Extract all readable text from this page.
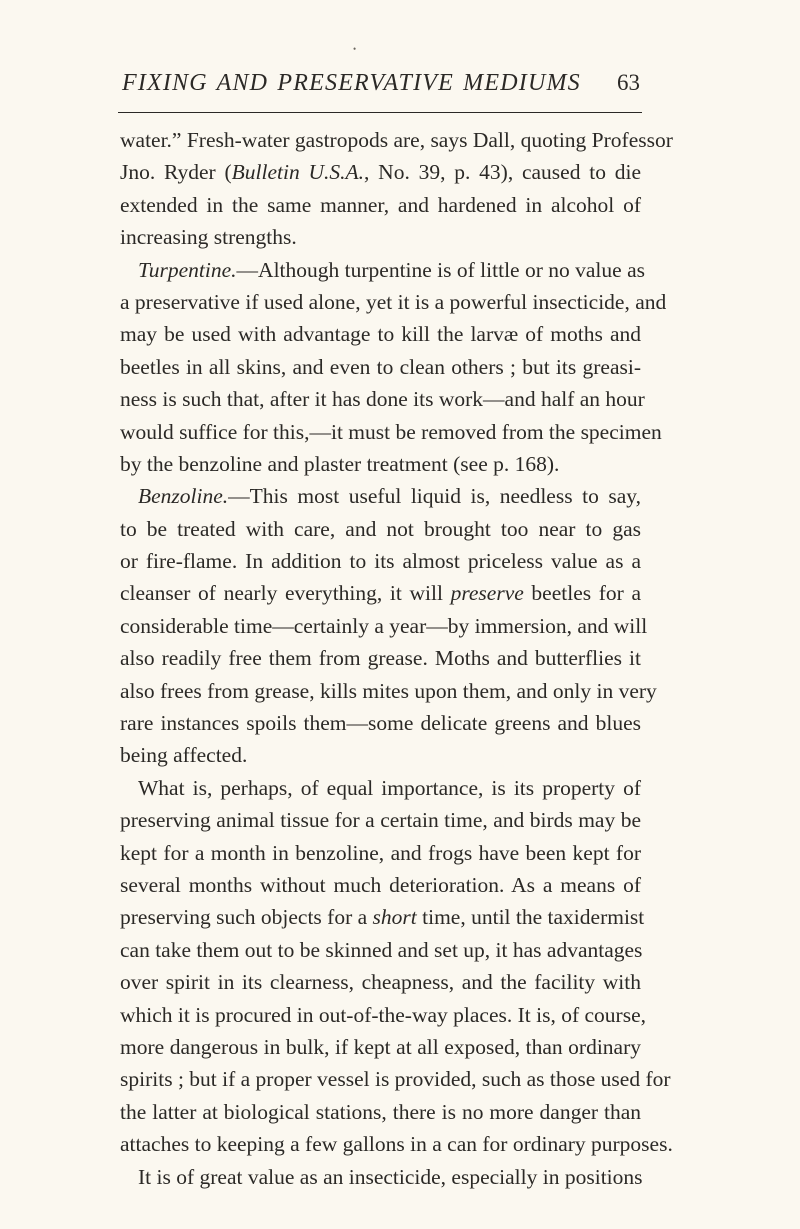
•
FIXING AND PRESERVATIVE MEDIUMS 63
water.” Fresh-water gastropods are, says Dall, quoting Professor
Jno. Ryder (Bulletin U.S.A., No. 39, p. 43), caused to die
extended in the same manner, and hardened in alcohol of
increasing strengths.
Turpentine.—Although turpentine is of little or no value as
a preservative if used alone, yet it is a powerful insecticide, and
may be used with advantage to kill the larvæ of moths and
beetles in all skins, and even to clean others ; but its greasi-
ness is such that, after it has done its work—and half an hour
would suffice for this,—it must be removed from the specimen
by the benzoline and plaster treatment (see p. 168).
Benzoline.—This most useful liquid is, needless to say,
to be treated with care, and not brought too near to gas
or fire-flame. In addition to its almost priceless value as a
cleanser of nearly everything, it will preserve beetles for a
considerable time—certainly a year—by immersion, and will
also readily free them from grease. Moths and butterflies it
also frees from grease, kills mites upon them, and only in very
rare instances spoils them—some delicate greens and blues
being affected.
What is, perhaps, of equal importance, is its property of
preserving animal tissue for a certain time, and birds may be
kept for a month in benzoline, and frogs have been kept for
several months without much deterioration. As a means of
preserving such objects for a short time, until the taxidermist
can take them out to be skinned and set up, it has advantages
over spirit in its clearness, cheapness, and the facility with
which it is procured in out-of-the-way places. It is, of course,
more dangerous in bulk, if kept at all exposed, than ordinary
spirits ; but if a proper vessel is provided, such as those used for
the latter at biological stations, there is no more danger than
attaches to keeping a few gallons in a can for ordinary purposes.
It is of great value as an insecticide, especially in positions
